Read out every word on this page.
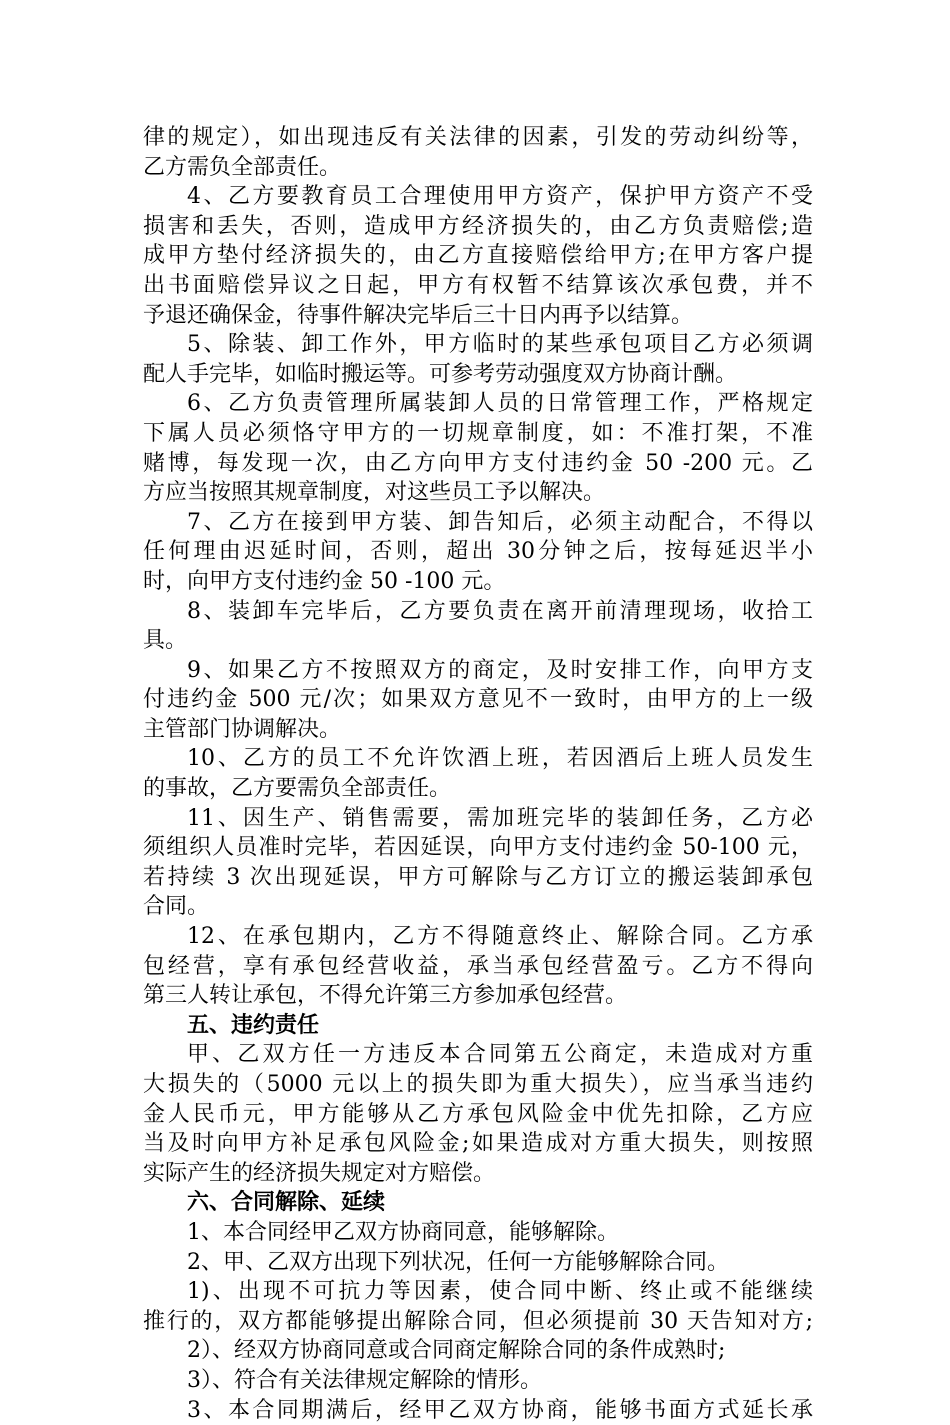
律的规定），如出现违反有关法律的因素，引发的劳动纠纷等，
乙方需负全部责任。
4、乙方要教育员工合理使用甲方资产，保护甲方资产不受
损害和丢失，否则，造成甲方经济损失的，由乙方负责赔偿;造
成甲方垫付经济损失的，由乙方直接赔偿给甲方;在甲方客户提
出书面赔偿异议之日起，甲方有权暂不结算该次承包费，并不
予退还确保金，待事件解决完毕后三十日内再予以结算。
5、除装、卸工作外，甲方临时的某些承包项目乙方必须调
配人手完毕，如临时搬运等。可参考劳动强度双方协商计酬。
6、乙方负责管理所属装卸人员的日常管理工作，严格规定
下属人员必须恪守甲方的一切规章制度，如：不准打架，不准
赌博，每发现一次，由乙方向甲方支付违约金 50 -200 元。乙
方应当按照其规章制度，对这些员工予以解决。
7、乙方在接到甲方装、卸告知后，必须主动配合，不得以
任何理由迟延时间，否则，超出 30分钟之后，按每延迟半小
时，向甲方支付违约金 50 -100 元。
8、装卸车完毕后，乙方要负责在离开前清理现场，收拾工
具。
9、如果乙方不按照双方的商定，及时安排工作，向甲方支
付违约金 500 元/次；如果双方意见不一致时，由甲方的上一级
主管部门协调解决。
10、乙方的员工不允许饮酒上班，若因酒后上班人员发生
的事故，乙方要需负全部责任。
11、因生产、销售需要，需加班完毕的装卸任务，乙方必
须组织人员准时完毕，若因延误，向甲方支付违约金 50-100 元，
若持续 3 次出现延误，甲方可解除与乙方订立的搬运装卸承包
合同。
12、在承包期内，乙方不得随意终止、解除合同。乙方承
包经营，享有承包经营收益，承当承包经营盈亏。乙方不得向
第三人转让承包，不得允许第三方参加承包经营。
五、违约责任
甲、乙双方任一方违反本合同第五公商定，未造成对方重
大损失的（5000 元以上的损失即为重大损失），应当承当违约
金人民币元，甲方能够从乙方承包风险金中优先扣除，乙方应
当及时向甲方补足承包风险金;如果造成对方重大损失，则按照
实际产生的经济损失规定对方赔偿。
六、合同解除、延续
1、本合同经甲乙双方协商同意，能够解除。
2、甲、乙双方出现下列状况，任何一方能够解除合同。
1)、出现不可抗力等因素，使合同中断、终止或不能继续
推行的，双方都能够提出解除合同，但必须提前 30 天告知对方;
2）、经双方协商同意或合同商定解除合同的条件成熟时;
3）、符合有关法律规定解除的情形。
3、本合同期满后，经甲乙双方协商，能够书面方式延长承
